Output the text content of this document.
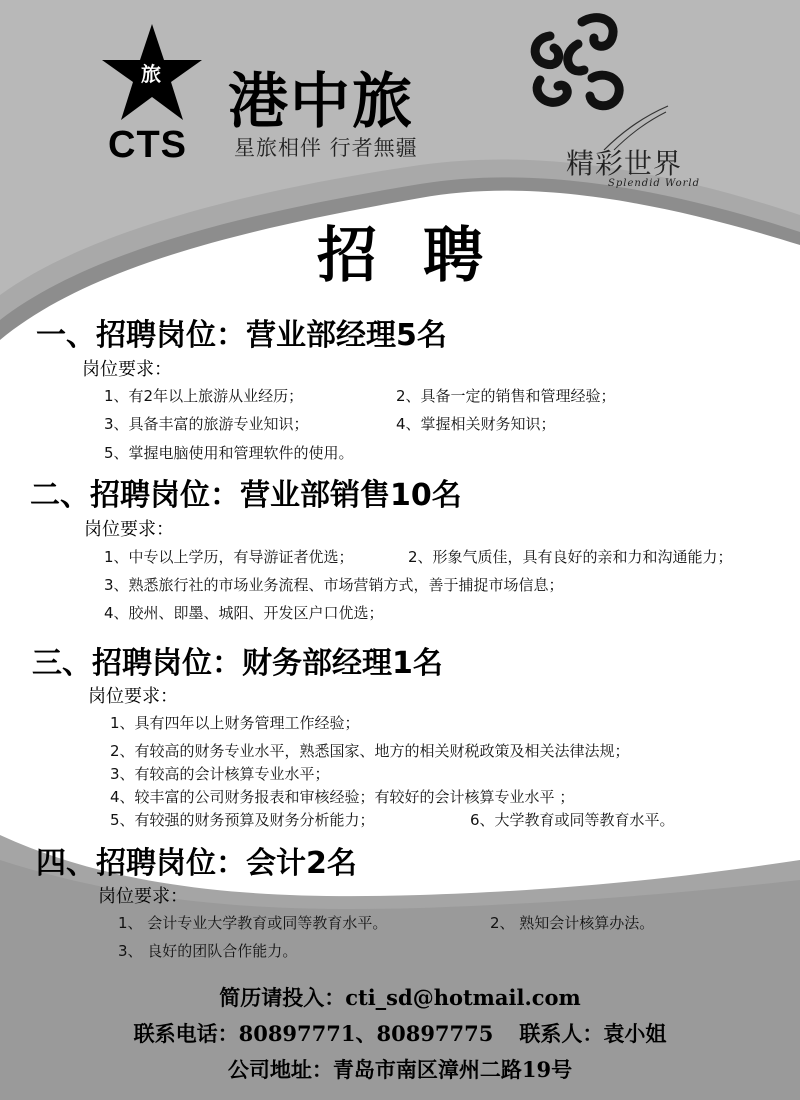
旅
CTS
港中旅
星旅相伴 行者無疆	精彩世界
Splendid World
招聘
一、招聘岗位：营业部经理5名
岗位要求：
1、有2年以上旅游从业经历；	2、具备一定的销售和管理经验；
3、具备丰富的旅游专业知识；	4、掌握相关财务知识；
5、掌握电脑使用和管理软件的使用。
二、招聘岗位：营业部销售10名
岗位要求：
1、中专以上学历，有导游证者优选；	2、形象气质佳，具有良好的亲和力和沟通能力；
3、熟悉旅行社的市场业务流程、市场营销方式，善于捕捉市场信息；
4、胶州、即墨、城阳、开发区户口优选；
三、招聘岗位：财务部经理1名
岗位要求：
1、具有四年以上财务管理工作经验；
2、有较高的财务专业水平，熟悉国家、地方的相关财税政策及相关法律法规；
3、有较高的会计核算专业水平；
4、较丰富的公司财务报表和审核经验；有较好的会计核算专业水平 ；
5、有较强的财务预算及财务分析能力；	6、大学教育或同等教育水平。
四、招聘岗位：会计2名
岗位要求：
1、 会计专业大学教育或同等教育水平。	2、 熟知会计核算办法。
3、 良好的团队合作能力。
简历请投入：cti_sd@hotmail.com
联系电话：80897771、80897775 联系人：袁小姐
公司地址：青岛市南区漳州二路19号
